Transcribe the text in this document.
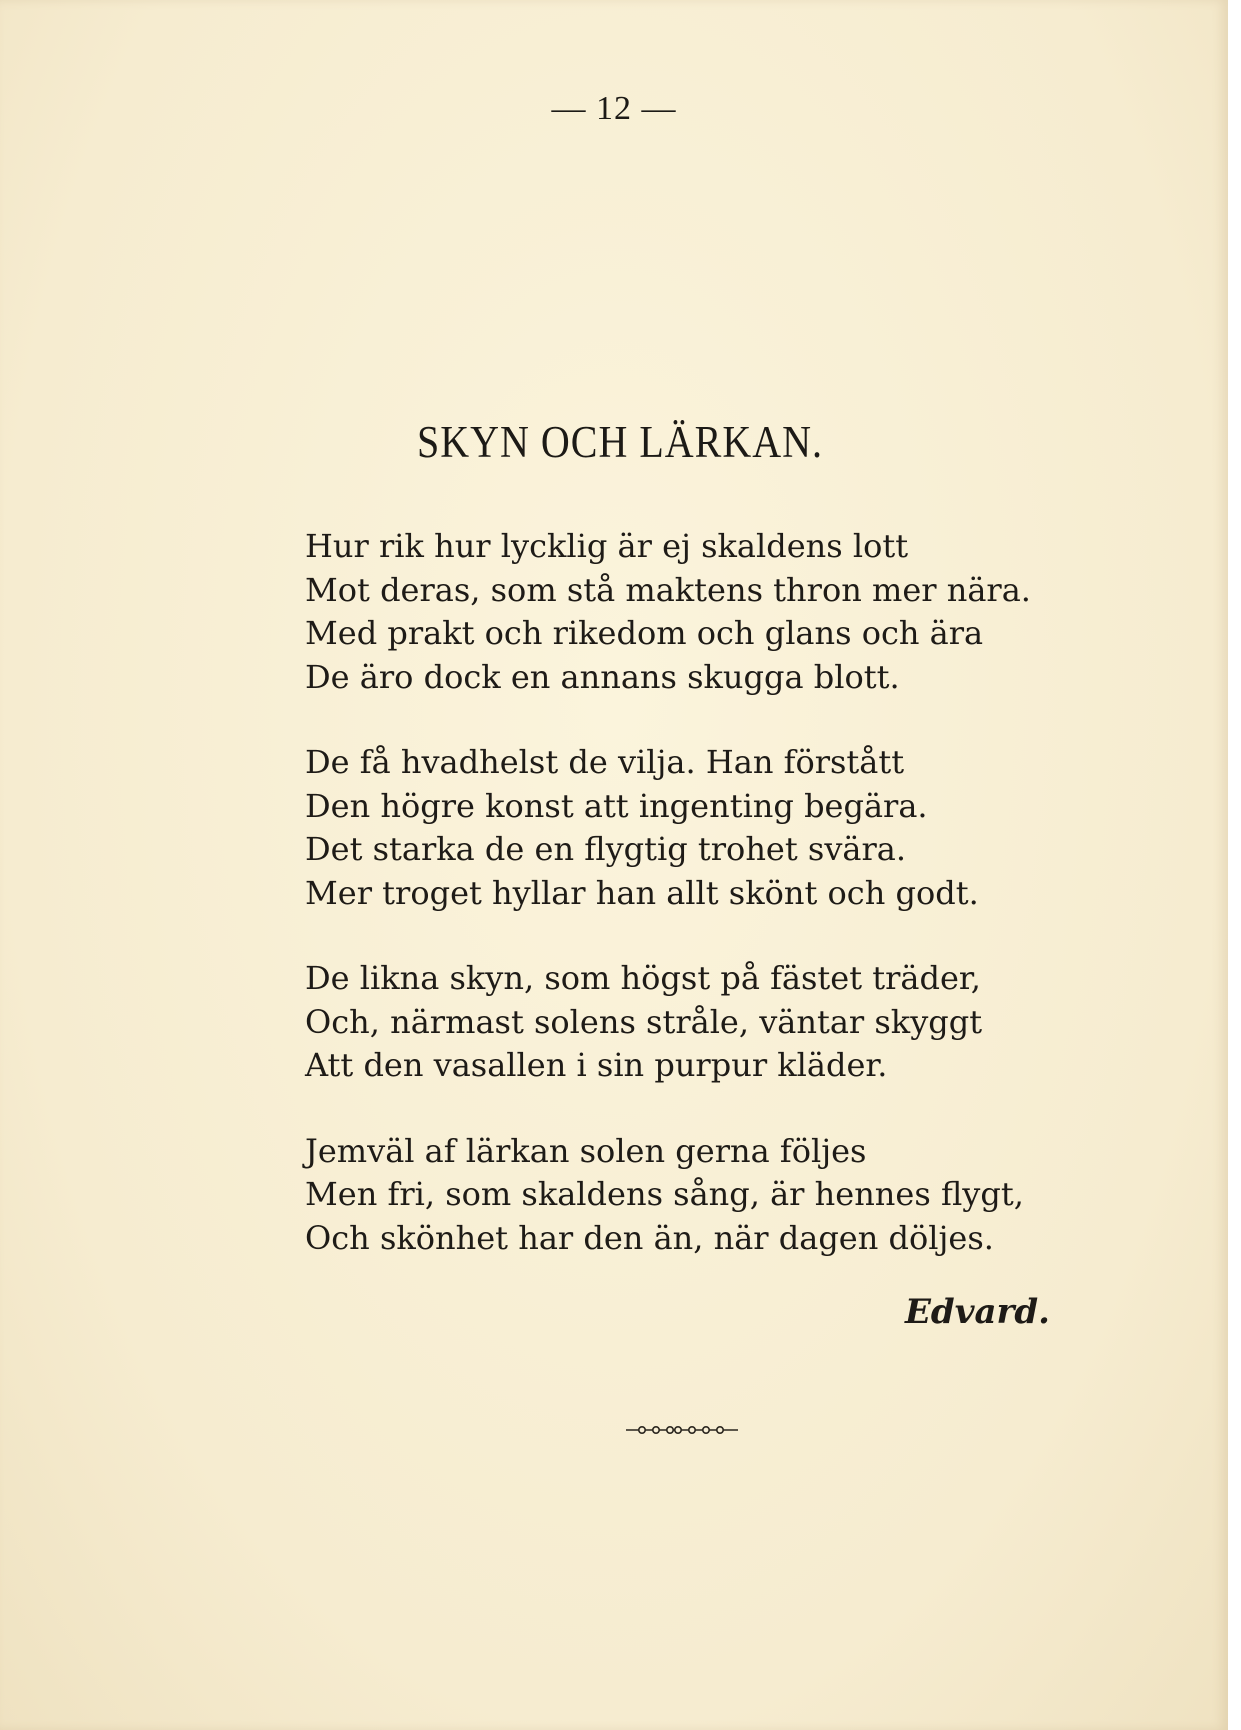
— 12 —
SKYN OCH LÄRKAN.
Hur rik hur lycklig är ej skaldens lott
Mot deras, som stå maktens thron mer nära.
Med prakt och rikedom och glans och ära
De äro dock en annans skugga blott.
De få hvadhelst de vilja. Han förstått
Den högre konst att ingenting begära.
Det starka de en flygtig trohet svära.
Mer troget hyllar han allt skönt och godt.
De likna skyn, som högst på fästet träder,
Och, närmast solens stråle, väntar skyggt
Att den vasallen i sin purpur kläder.
Jemväl af lärkan solen gerna följes
Men fri, som skaldens sång, är hennes flygt,
Och skönhet har den än, när dagen döljes.
Edvard.
